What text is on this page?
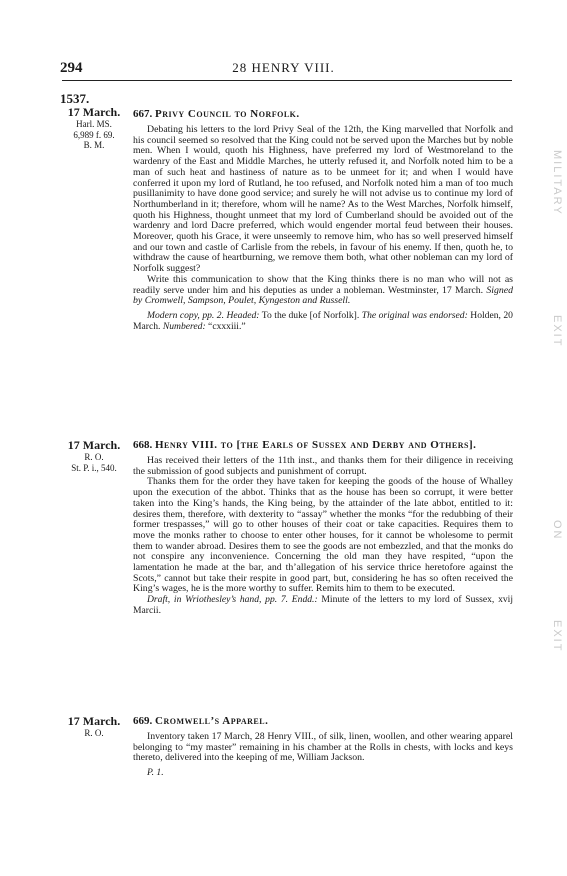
294	28 HENRY VIII.
1537.
17 March.
Harl. MS.
6,989 f. 69.
B. M.
667. Privy Council to Norfolk.

Debating his letters to the lord Privy Seal of the 12th, the King marvelled that Norfolk and his council seemed so resolved that the King could not be served upon the Marches but by noble men. When I would, quoth his Highness, have preferred my lord of Westmoreland to the wardenry of the East and Middle Marches, he utterly refused it, and Norfolk noted him to be a man of such heat and hastiness of nature as to be unmeet for it; and when I would have conferred it upon my lord of Rutland, he too refused, and Norfolk noted him a man of too much pusillanimity to have done good service; and surely he will not advise us to continue my lord of Northumberland in it; therefore, whom will he name? As to the West Marches, Norfolk himself, quoth his Highness, thought unmeet that my lord of Cumberland should be avoided out of the wardenry and lord Dacre preferred, which would engender mortal feud between their houses. Moreover, quoth his Grace, it were unseemly to remove him, who has so well preserved himself and our town and castle of Carlisle from the rebels, in favour of his enemy. If then, quoth he, to withdraw the cause of heartburning, we remove them both, what other nobleman can my lord of Norfolk suggest?

Write this communication to show that the King thinks there is no man who will not as readily serve under him and his deputies as under a nobleman. Westminster, 17 March. Signed by Cromwell, Sampson, Poulet, Kyngeston and Russell.

Modern copy, pp. 2. Headed: To the duke [of Norfolk]. The original was endorsed: Holden, 20 March. Numbered: “cxxxiii.”

17 March.
R. O.
St. P. i., 540.
668. Henry VIII. to [the Earls of Sussex and Derby and Others].

Has received their letters of the 11th inst., and thanks them for their diligence in receiving the submission of good subjects and punishment of corrupt.

Thanks them for the order they have taken for keeping the goods of the house of Whalley upon the execution of the abbot. Thinks that as the house has been so corrupt, it were better taken into the King’s hands, the King being, by the attainder of the late abbot, entitled to it: desires them, therefore, with dexterity to “assay” whether the monks “for the redubbing of their former trespasses,” will go to other houses of their coat or take capacities. Requires them to move the monks rather to choose to enter other houses, for it cannot be wholesome to permit them to wander abroad. Desires them to see the goods are not embezzled, and that the monks do not conspire any inconvenience. Concerning the old man they have respited, “upon the lamentation he made at the bar, and th’allegation of his service thrice heretofore against the Scots,” cannot but take their respite in good part, but, considering he has so often received the King’s wages, he is the more worthy to suffer. Remits him to them to be executed.

Draft, in Wriothesley’s hand, pp. 7. Endd.: Minute of the letters to my lord of Sussex, xvij Marcii.

17 March.
R. O.
669. Cromwell’s Apparel.

Inventory taken 17 March, 28 Henry VIII., of silk, linen, woollen, and other wearing apparel belonging to “my master” remaining in his chamber at the Rolls in chests, with locks and keys thereto, delivered into the keeping of me, William Jackson.

P. 1.

MILITARY
EXIT
ON
EXIT
